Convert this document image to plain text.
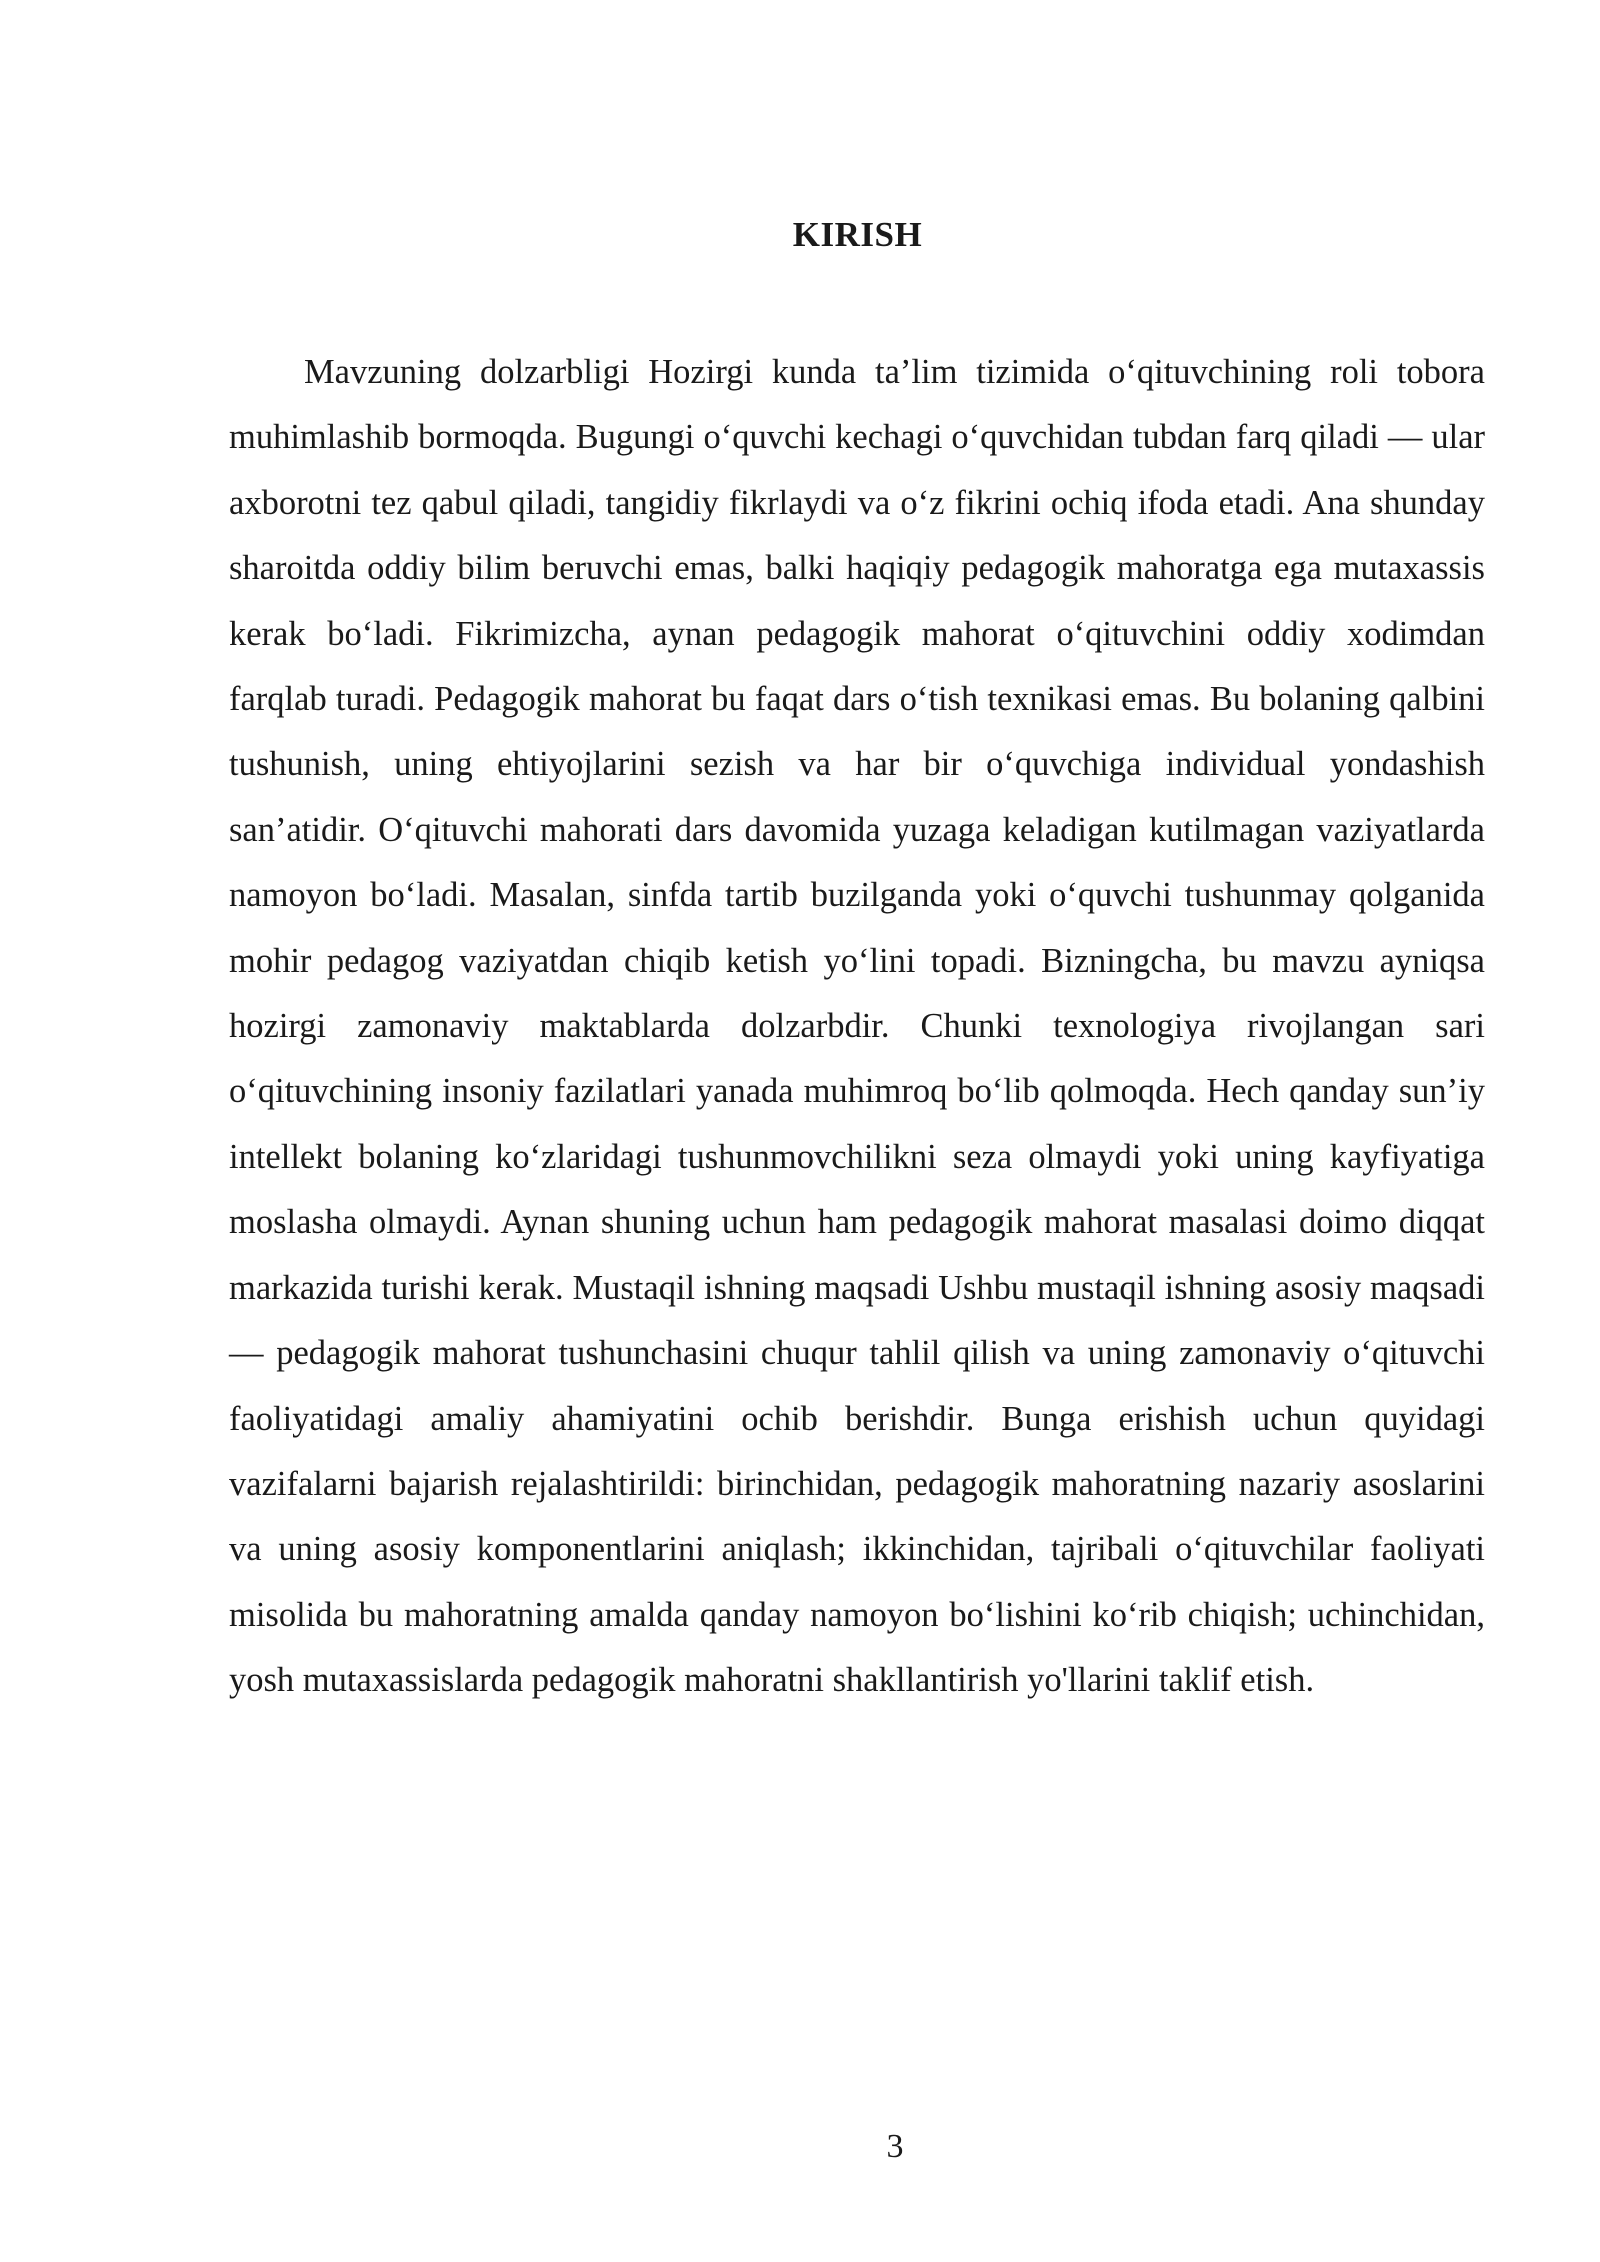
KIRISH

Mavzuning dolzarbligi Hozirgi kunda ta’lim tizimida o‘qituvchining roli tobora muhimlashib bormoqda. Bugungi o‘quvchi kechagi o‘quvchidan tubdan farq qiladi — ular axborotni tez qabul qiladi, tangidiy fikrlaydi va o‘z fikrini ochiq ifoda etadi. Ana shunday sharoitda oddiy bilim beruvchi emas, balki haqiqiy pedagogik mahoratga ega mutaxassis kerak bo‘ladi. Fikrimizcha, aynan pedagogik mahorat o‘qituvchini oddiy xodimdan farqlab turadi. Pedagogik mahorat bu faqat dars o‘tish texnikasi emas. Bu bolaning qalbini tushunish, uning ehtiyojlarini sezish va har bir o‘quvchiga individual yondashish san’atidir. O‘qituvchi mahorati dars davomida yuzaga keladigan kutilmagan vaziyatlarda namoyon bo‘ladi. Masalan, sinfda tartib buzilganda yoki o‘quvchi tushunmay qolganida mohir pedagog vaziyatdan chiqib ketish yo‘lini topadi. Bizningcha, bu mavzu ayniqsa hozirgi zamonaviy maktablarda dolzarbdir. Chunki texnologiya rivojlangan sari o‘qituvchining insoniy fazilatlari yanada muhimroq bo‘lib qolmoqda. Hech qanday sun’iy intellekt bolaning ko‘zlaridagi tushunmovchilikni seza olmaydi yoki uning kayfiyatiga moslasha olmaydi. Aynan shuning uchun ham pedagogik mahorat masalasi doimo diqqat markazida turishi kerak. Mustaqil ishning maqsadi Ushbu mustaqil ishning asosiy maqsadi — pedagogik mahorat tushunchasini chuqur tahlil qilish va uning zamonaviy o‘qituvchi faoliyatidagi amaliy ahamiyatini ochib berishdir. Bunga erishish uchun quyidagi vazifalarni bajarish rejalashtirildi: birinchidan, pedagogik mahoratning nazariy asoslarini va uning asosiy komponentlarini aniqlash; ikkinchidan, tajribali o‘qituvchilar faoliyati misolida bu mahoratning amalda qanday namoyon bo‘lishini ko‘rib chiqish; uchinchidan, yosh mutaxassislarda pedagogik mahoratni shakllantirish yo'llarini taklif etish.

3
